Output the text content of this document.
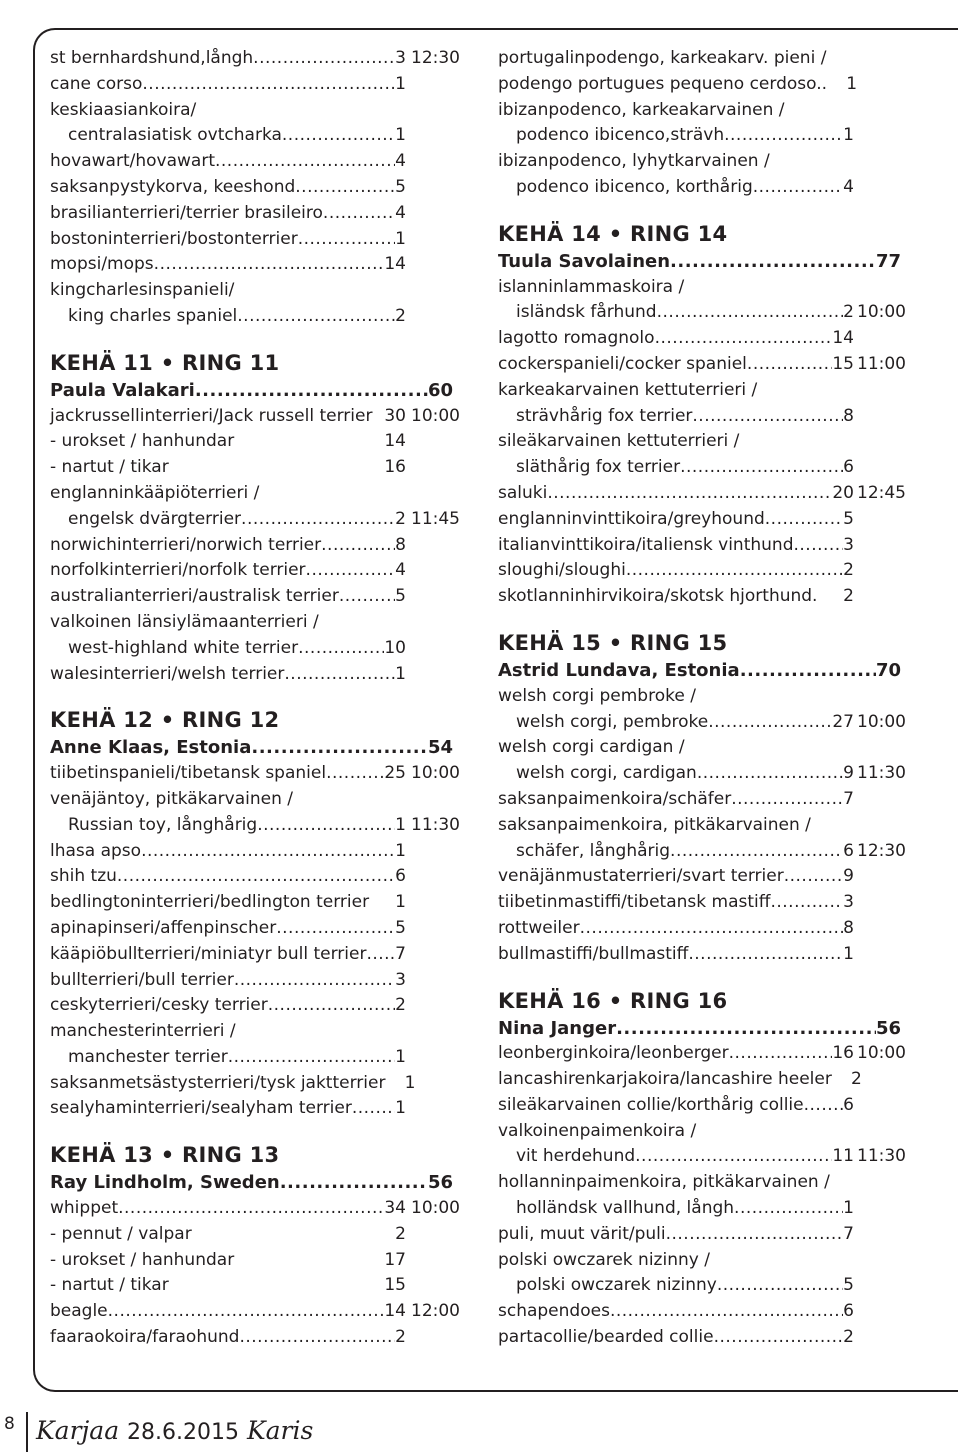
st bernhardshund,långh .....	3 12:30
cane corso .....	1
keskiaasiankoira/
centralasiatisk ovtcharka .....	1
hovawart/hovawart .....	4
saksanpystykorva, keeshond .....	5
brasilianterrieri/terrier brasileiro .....	4
bostoninterrieri/bostonterrier .....	1
mopsi/mops .....	14
kingcharlesinspanieli/
king charles spaniel .....	2
KEHÄ 11 • RING 11
Paula Valakari .....	60
jackrussellinterrieri/Jack russell terrier 30 10:00
- urokset / hanhundar	14
- nartut / tikar	16
englanninkääpiöterrieri /
engelsk dvärgterrier .....	2 11:45
norwichinterrieri/norwich terrier .....	8
norfolkinterrieri/norfolk terrier .....	4
australianterrieri/australisk terrier .....	5
valkoinen länsiylämaanterrieri /
west-highland white terrier .....	10
walesinterrieri/welsh terrier .....	1
KEHÄ 12 • RING 12
Anne Klaas, Estonia .....	54
tiibetinspanieli/tibetansk spaniel .....	25 10:00
venäjäntoy, pitkäkarvainen /
Russian toy, långhårig .....	1 11:30
lhasa apso .....	1
shih tzu .....	6
bedlingtoninterrieri/bedlington terrier	1
apinapinseri/affenpinscher .....	5
kääpiöbullterrieri/miniatyr bull terrier ..... .7
bullterrieri/bull terrier .....	3
ceskyterrieri/cesky terrier .....	2
manchesterinterrieri /
manchester terrier .....	1
saksanmetsästysterrieri/tysk jaktterrier	1
sealyhaminterrieri/sealyham terrier .....	1
KEHÄ 13 • RING 13
Ray Lindholm, Sweden .....	56
whippet .....	34 10:00
- pennut / valpar	2
- urokset / hanhundar	17
- nartut / tikar	15
beagle .....	14 12:00
faaraokoira/faraohund .....	2
portugalinpodengo, karkeakarv. pieni /
podengo portugues pequeno cerdoso..	1
ibizanpodenco, karkeakarvainen /
podenco ibicenco,strävh .....	1
ibizanpodenco, lyhytkarvainen /
podenco ibicenco, korthårig .....	4
KEHÄ 14 • RING 14
Tuula Savolainen .....	77
islanninlammaskoira /
isländsk fårhund .....	2 10:00
lagotto romagnolo .....	14
cockerspanieli/cocker spaniel .....	15 11:00
karkeakarvainen kettuterrieri /
strävhårig fox terrier .....	8
sileäkarvainen kettuterrieri /
släthårig fox terrier .....	6
saluki .....	20 12:45
englanninvinttikoira/greyhound .....	5
italianvinttikoira/italiensk vinthund .....	3
sloughi/sloughi .....	2
skotlanninhirvikoira/skotsk hjorthund.	2
KEHÄ 15 • RING 15
Astrid Lundava, Estonia .....	70
welsh corgi pembroke /
welsh corgi, pembroke .....	27 10:00
welsh corgi cardigan /
welsh corgi, cardigan .....	9 11:30
saksanpaimenkoira/schäfer .....	7
saksanpaimenkoira, pitkäkarvainen /
schäfer, långhårig .....	6 12:30
venäjänmustaterrieri/svart terrier .....	9
tiibetinmastiffi/tibetansk mastiff .....	3
rottweiler .....	8
bullmastiffi/bullmastiff .....	1
KEHÄ 16 • RING 16
Nina Janger .....	56
leonberginkoira/leonberger .....	16 10:00
lancashirenkarjakoira/lancashire heeler	2
sileäkarvainen collie/korthårig collie ..... 6
valkoinenpaimenkoira /
vit herdehund .....	11 11:30
hollanninpaimenkoira, pitkäkarvainen /
holländsk vallhund, långh .....	1
puli, muut värit/puli .....	7
polski owczarek nizinny /
polski owczarek nizinny .....	5
schapendoes .....	6
partacollie/bearded collie .....	2
8 Karjaa 28.6.2015 Karis
